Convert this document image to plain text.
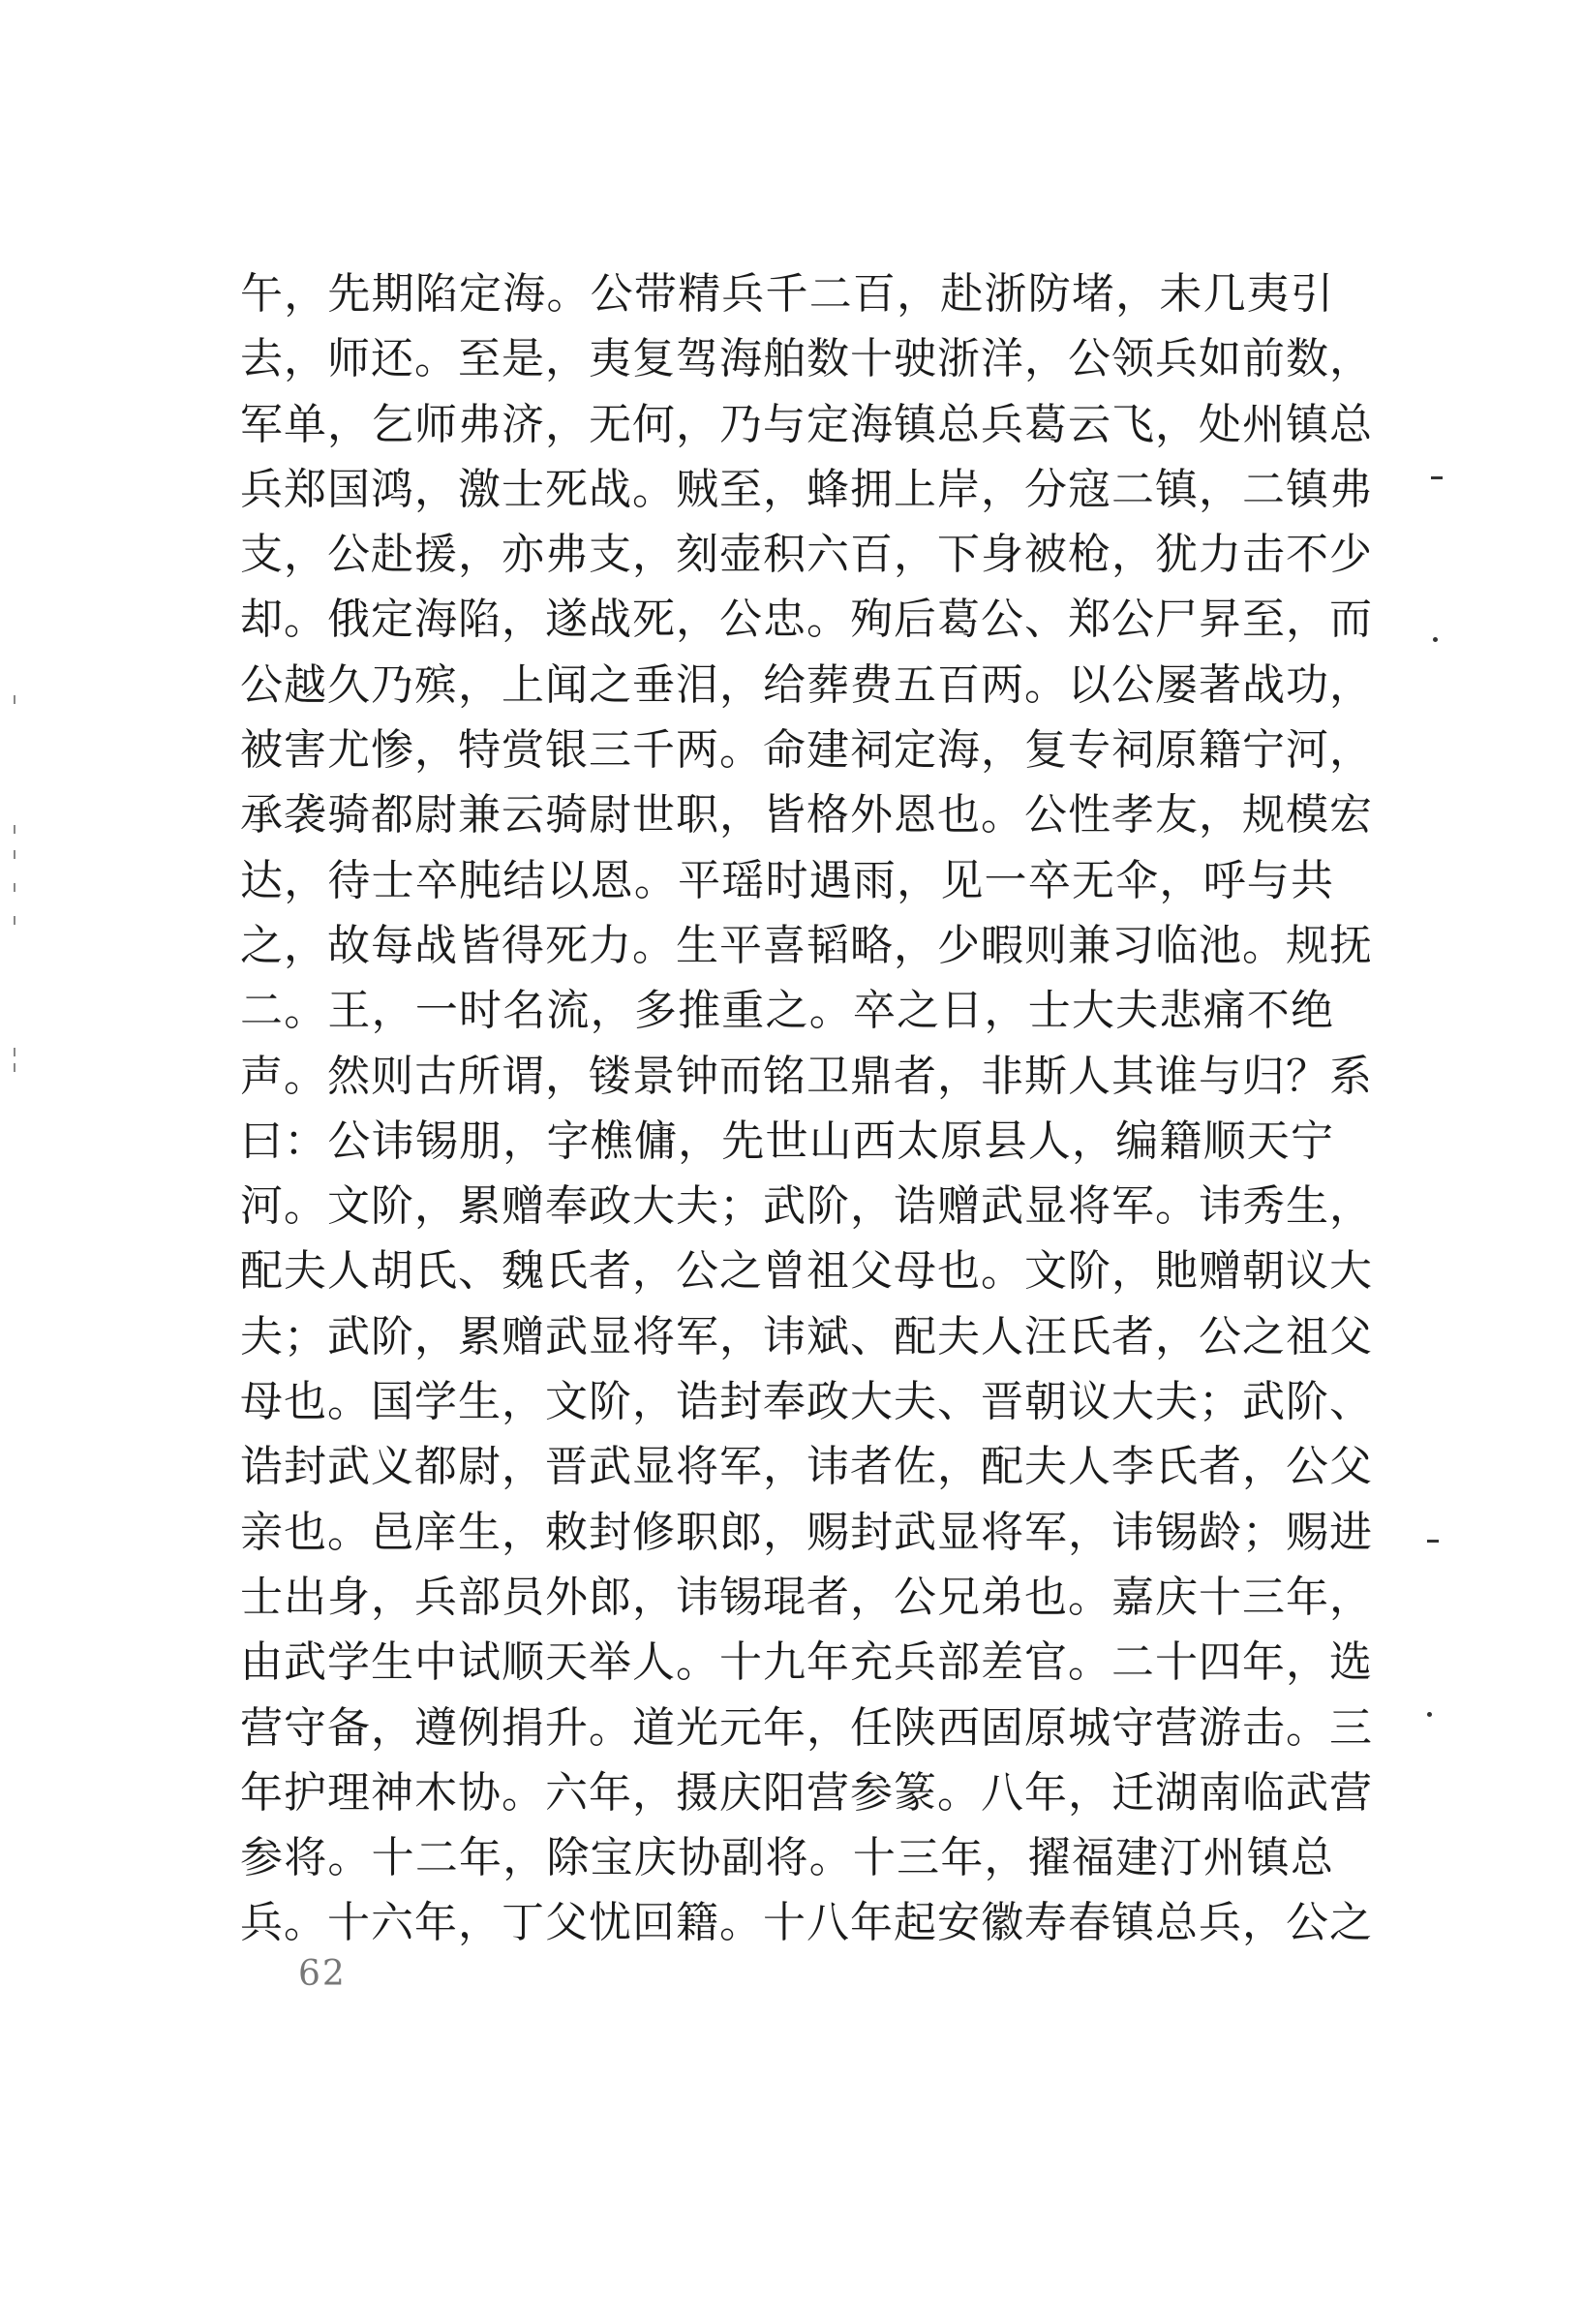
午，先期陷定海。公带精兵千二百，赴浙防堵，未几夷引
去，师还。至是，夷复驾海舶数十驶浙洋，公领兵如前数，
军单，乞师弗济，无何，乃与定海镇总兵葛云飞，处州镇总
兵郑国鸿，激士死战。贼至，蜂拥上岸，分寇二镇，二镇弗
支，公赴援，亦弗支，刻壶积六百，下身被枪，犹力击不少
却。俄定海陷，遂战死，公忠。殉后葛公、郑公尸昇至，而
公越久乃殡，上闻之垂泪，给葬费五百两。以公屡著战功，
被害尤惨，特赏银三千两。命建祠定海，复专祠原籍宁河，
承袭骑都尉兼云骑尉世职，皆格外恩也。公性孝友，规模宏
达，待士卒肫结以恩。平瑶时遇雨，见一卒无伞，呼与共
之，故每战皆得死力。生平喜韬略，少暇则兼习临池。规抚
二。王，一时名流，多推重之。卒之日，士大夫悲痛不绝
声。然则古所谓，镂景钟而铭卫鼎者，非斯人其谁与归？系
曰：公讳锡朋，字樵傭，先世山西太原县人，编籍顺天宁
河。文阶，累赠奉政大夫；武阶，诰赠武显将军。讳秀生，
配夫人胡氏、魏氏者，公之曾祖父母也。文阶，貤赠朝议大
夫；武阶，累赠武显将军，讳斌、配夫人汪氏者，公之祖父
母也。国学生，文阶，诰封奉政大夫、晋朝议大夫；武阶、
诰封武义都尉，晋武显将军，讳者佐，配夫人李氏者，公父
亲也。邑庠生，敕封修职郎，赐封武显将军，讳锡龄；赐进
士出身，兵部员外郎，讳锡琨者，公兄弟也。嘉庆十三年，
由武学生中试顺天举人。十九年充兵部差官。二十四年，选
营守备，遵例捐升。道光元年，任陕西固原城守营游击。三
年护理神木协。六年，摄庆阳营参篆。八年，迁湖南临武营
参将。十二年，除宝庆协副将。十三年，擢福建汀州镇总
兵。十六年，丁父忧回籍。十八年起安徽寿春镇总兵，公之
62
